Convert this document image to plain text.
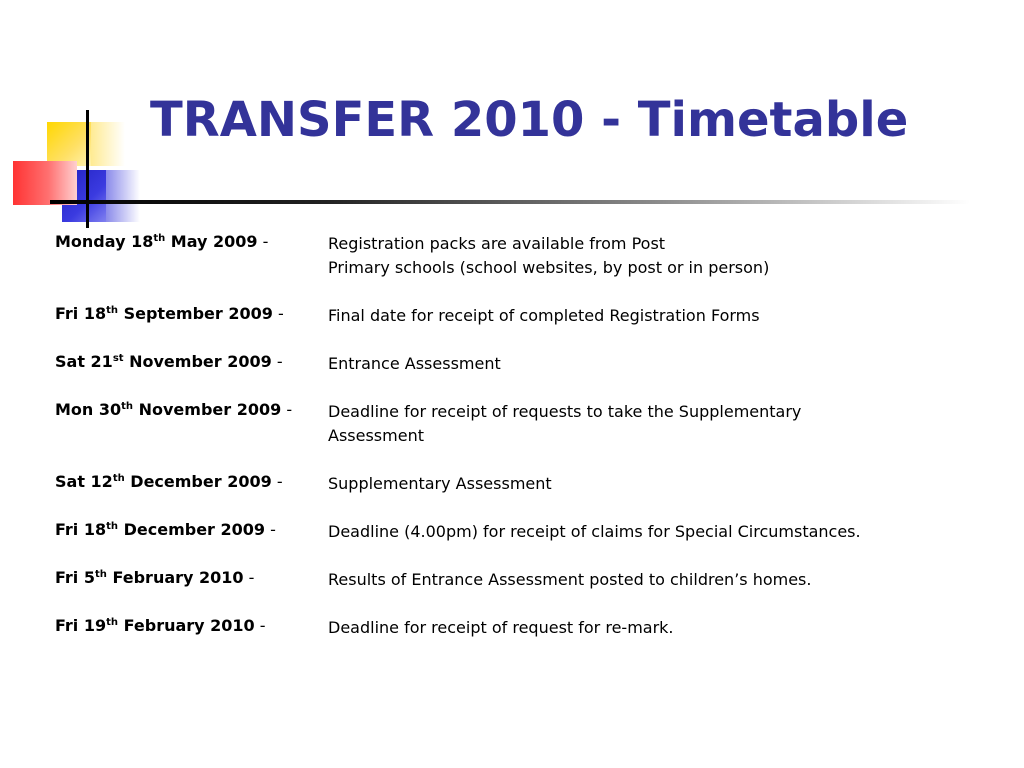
TRANSFER 2010 - Timetable
Monday 18th May 2009 -	Registration packs are available from Post
Primary schools (school websites, by post or in person)
Fri 18th September 2009 -	Final date for receipt of completed Registration Forms
Sat 21st November 2009 -	Entrance Assessment
Mon 30th November 2009 - Deadline for receipt of requests to take the Supplementary
Assessment
Sat 12th December 2009 -	Supplementary Assessment
Fri 18th December 2009 -	Deadline (4.00pm) for receipt of claims for Special Circumstances.
Fri 5th February 2010 -	Results of Entrance Assessment posted to children’s homes.
Fri 19th February 2010 -	Deadline for receipt of request for re-mark.
